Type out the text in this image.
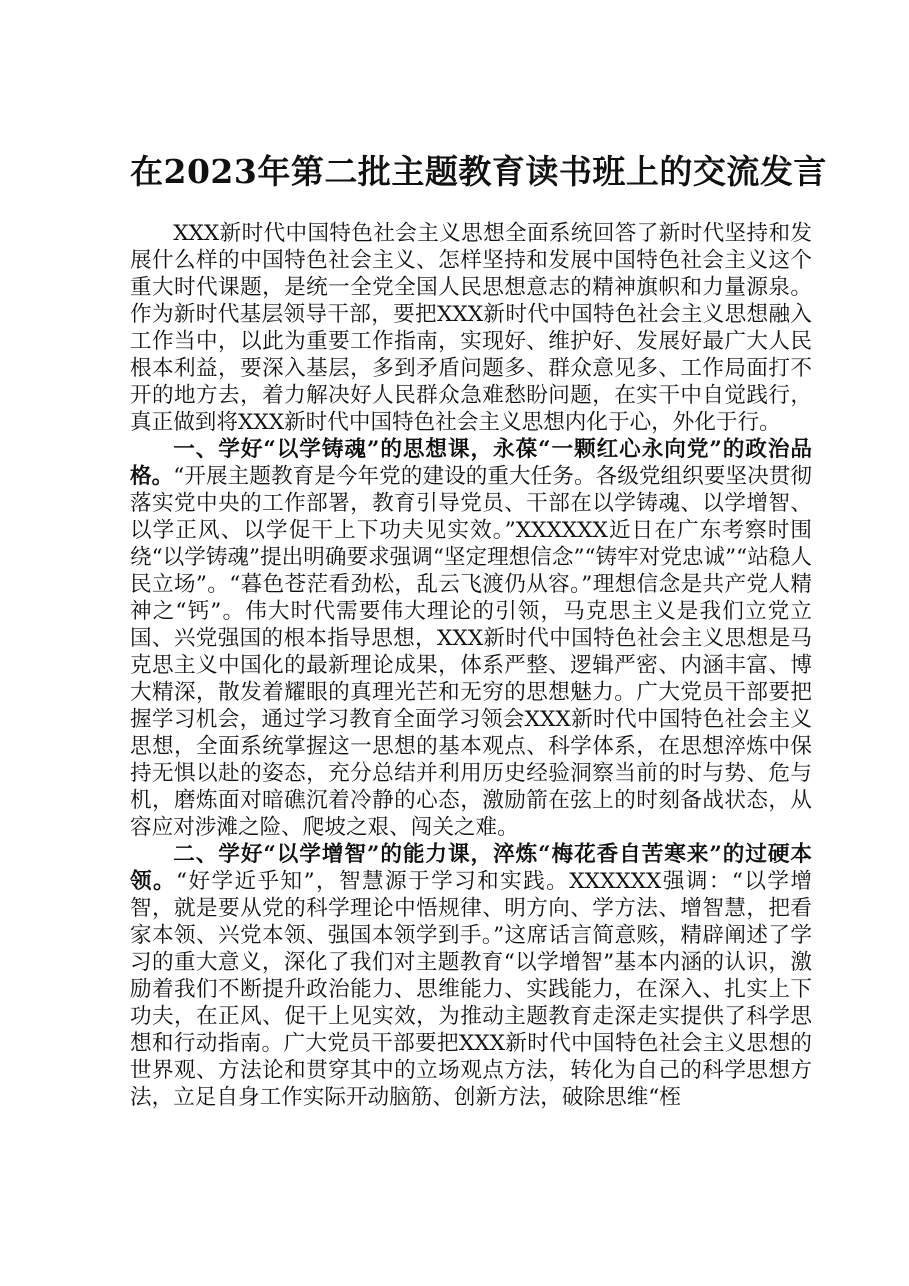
在2023年第二批主题教育读书班上的交流发言

XXX新时代中国特色社会主义思想全面系统回答了新时代坚持和发展什么样的中国特色社会主义、怎样坚持和发展中国特色社会主义这个重大时代课题，是统一全党全国人民思想意志的精神旗帜和力量源泉。作为新时代基层领导干部，要把XXX新时代中国特色社会主义思想融入工作当中，以此为重要工作指南，实现好、维护好、发展好最广大人民根本利益，要深入基层，多到矛盾问题多、群众意见多、工作局面打不开的地方去，着力解决好人民群众急难愁盼问题，在实干中自觉践行，真正做到将XXX新时代中国特色社会主义思想内化于心，外化于行。

一、学好“以学铸魂”的思想课，永葆“一颗红心永向党”的政治品格。“开展主题教育是今年党的建设的重大任务。各级党组织要坚决贯彻落实党中央的工作部署，教育引导党员、干部在以学铸魂、以学增智、以学正风、以学促干上下功夫见实效。”XXXXXX近日在广东考察时围绕“以学铸魂”提出明确要求强调“坚定理想信念”“铸牢对党忠诚”“站稳人民立场”。“暮色苍茫看劲松，乱云飞渡仍从容。”理想信念是共产党人精神之“钙”。伟大时代需要伟大理论的引领，马克思主义是我们立党立国、兴党强国的根本指导思想，XXX新时代中国特色社会主义思想是马克思主义中国化的最新理论成果，体系严整、逻辑严密、内涵丰富、博大精深，散发着耀眼的真理光芒和无穷的思想魅力。广大党员干部要把握学习机会，通过学习教育全面学习领会XXX新时代中国特色社会主义思想，全面系统掌握这一思想的基本观点、科学体系，在思想淬炼中保持无惧以赴的姿态，充分总结并利用历史经验洞察当前的时与势、危与机，磨炼面对暗礁沉着冷静的心态，激励箭在弦上的时刻备战状态，从容应对涉滩之险、爬坡之艰、闯关之难。

二、学好“以学增智”的能力课，淬炼“梅花香自苦寒来”的过硬本领。“好学近乎知”，智慧源于学习和实践。XXXXXX强调：“以学增智，就是要从党的科学理论中悟规律、明方向、学方法、增智慧，把看家本领、兴党本领、强国本领学到手。”这席话言简意赅，精辟阐述了学习的重大意义，深化了我们对主题教育“以学增智”基本内涵的认识，激励着我们不断提升政治能力、思维能力、实践能力，在深入、扎实上下功夫，在正风、促干上见实效，为推动主题教育走深走实提供了科学思想和行动指南。广大党员干部要把XXX新时代中国特色社会主义思想的世界观、方法论和贯穿其中的立场观点方法，转化为自己的科学思想方法，立足自身工作实际开动脑筋、创新方法，破除思维“桎
